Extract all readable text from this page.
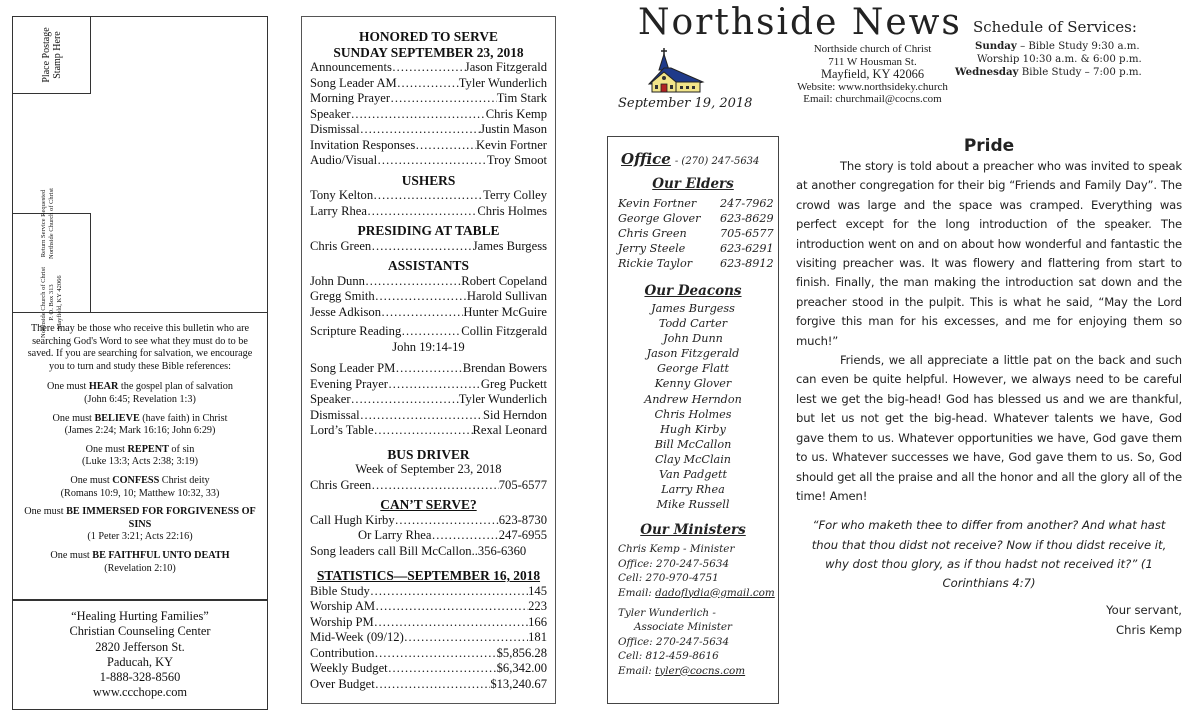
Place Postage Stamp Here
Northside Church of Christ P. O. Box 313 Mayfield, KY 42066
Return Service Requested Northside Church of Christ
There may be those who receive this bulletin who are searching God's Word to see what they must do to be saved. If you are searching for salvation, we encourage you to turn and study these Bible references:
One must HEAR the gospel plan of salvation
(John 6:45; Revelation 1:3)
One must BELIEVE (have faith) in Christ
(James 2:24; Mark 16:16; John 6:29)
One must REPENT of sin
(Luke 13:3; Acts 2:38; 3:19)
One must CONFESS Christ deity
(Romans 10:9, 10; Matthew 10:32, 33)
One must BE IMMERSED FOR FORGIVENESS OF SINS
(1 Peter 3:21; Acts 22:16)
One must BE FAITHFUL UNTO DEATH
(Revelation 2:10)
“Healing Hurting Families”
Christian Counseling Center
2820 Jefferson St.
Paducah, KY
1-888-328-8560
www.ccchope.com
HONORED TO SERVE
SUNDAY SEPTEMBER 23, 2018
Announcements …………………………………………………………………………………	Jason Fitzgerald
Song Leader AM …………………………………………………………………………………	Tyler Wunderlich
Morning Prayer …………………………………………………………………………………	Tim Stark
Speaker …………………………………………………………………………………	Chris Kemp
Dismissal …………………………………………………………………………………	Justin Mason
Invitation Responses …………………………………………………………………………………	Kevin Fortner
Audio/Visual …………………………………………………………………………………	Troy Smoot
USHERS
Tony Kelton …………………………………………………………………………………	Terry Colley
Larry Rhea …………………………………………………………………………………	Chris Holmes
PRESIDING AT TABLE
Chris Green …………………………………………………………………………………	James Burgess
ASSISTANTS
John Dunn …………………………………………………………………………………	Robert Copeland
Gregg Smith …………………………………………………………………………………	Harold Sullivan
Jesse Adkison …………………………………………………………………………………	Hunter McGuire
Scripture Reading …………………………………………………………………………………	Collin Fitzgerald
John 19:14-19
Song Leader PM …………………………………………………………………………………	Brendan Bowers
Evening Prayer …………………………………………………………………………………	Greg Puckett
Speaker …………………………………………………………………………………	Tyler Wunderlich
Dismissal …………………………………………………………………………………	Sid Herndon
Lord’s Table …………………………………………………………………………………	Rexal Leonard
BUS DRIVER
Week of September 23, 2018
Chris Green …………………………………………………………………………………	705-6577
CAN’T SERVE?
Call Hugh Kirby …………………………………………………………………………………	623-8730
Or Larry Rhea …………………………………………………………………………………	247-6955
Song leaders call Bill McCallon..356-6360
STATISTICS—SEPTEMBER 16, 2018
Bible Study …………………………………………………………………………………	145
Worship AM …………………………………………………………………………………	223
Worship PM …………………………………………………………………………………	166
Mid-Week (09/12) …………………………………………………………………………………	181
Contribution …………………………………………………………………………………	$5,856.28
Weekly Budget …………………………………………………………………………………	$6,342.00
Over Budget …………………………………………………………………………………	$13,240.67
Northside News
September 19, 2018
Northside church of Christ
711 W Housman St.
Mayfield, KY 42066
Website: www.northsideky.church
Email: churchmail@cocns.com
Schedule of Services:
Sunday – Bible Study 9:30 a.m.
Worship 10:30 a.m. & 6:00 p.m.
Wednesday Bible Study – 7:00 p.m.
Office - (270) 247-5634
Our Elders
Kevin Fortner	247-7962
George Glover	623-8629
Chris Green	705-6577
Jerry Steele	623-6291
Rickie Taylor	623-8912
Our Deacons
James Burgess
Todd Carter
John Dunn
Jason Fitzgerald
George Flatt
Kenny Glover
Andrew Herndon
Chris Holmes
Hugh Kirby
Bill McCallon
Clay McClain
Van Padgett
Larry Rhea
Mike Russell
Our Ministers
Chris Kemp - Minister
Office: 270-247-5634
Cell: 270-970-4751
Email: dadoflydia@gmail.com
Tyler Wunderlich -
Associate Minister
Office: 270-247-5634
Cell: 812-459-8616
Email: tyler@cocns.com
Pride

The story is told about a preacher who was invited to speak at another congregation for their big “Friends and Family Day”. The crowd was large and the space was cramped. Everything was perfect except for the long introduction of the speaker. The introduction went on and on about how wonderful and fantastic the visiting preacher was. It was flowery and flattering from start to finish. Finally, the man making the introduction sat down and the preacher stood in the pulpit. This is what he said, “May the Lord forgive this man for his excesses, and me for enjoying them so much!”

Friends, we all appreciate a little pat on the back and such can even be quite helpful. However, we always need to be careful lest we get the big-head! God has blessed us and we are thankful, but let us not get the big-head. Whatever talents we have, God gave them to us. Whatever opportunities we have, God gave them to us. Whatever successes we have, God gave them to us. So, God should get all the praise and all the honor and all the glory all of the time! Amen!

“For who maketh thee to differ from another? And what hast thou that thou didst not receive? Now if thou didst receive it, why dost thou glory, as if thou hadst not received it?” (1 Corinthians 4:7)
Your servant,
Chris Kemp
